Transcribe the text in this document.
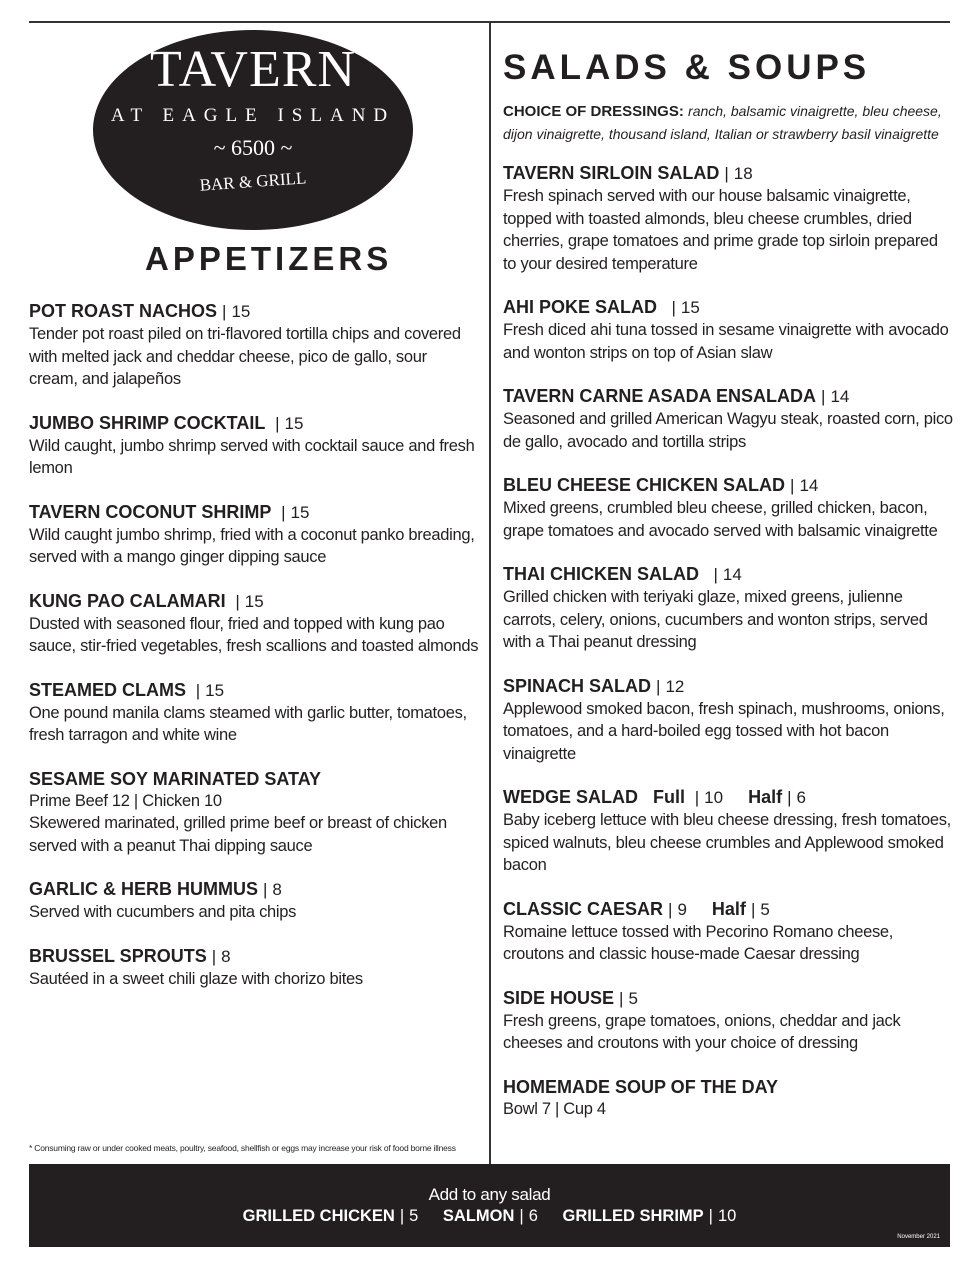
TAVERN
AT EAGLE ISLAND
~ 6500 ~
BAR & GRILL
APPETIZERS
SALADS & SOUPS
CHOICE OF DRESSINGS: ranch, balsamic vinaigrette, bleu cheese, dijon vinaigrette, thousand island, Italian or strawberry basil vinaigrette
POT ROAST NACHOS | 15
Tender pot roast piled on tri-flavored tortilla chips and covered with melted jack and cheddar cheese, pico de gallo, sour cream, and jalapeños
JUMBO SHRIMP COCKTAIL | 15
Wild caught, jumbo shrimp served with cocktail sauce and fresh lemon
TAVERN COCONUT SHRIMP | 15
Wild caught jumbo shrimp, fried with a coconut panko breading, served with a mango ginger dipping sauce
KUNG PAO CALAMARI | 15
Dusted with seasoned flour, fried and topped with kung pao sauce, stir-fried vegetables, fresh scallions and toasted almonds
STEAMED CLAMS | 15
One pound manila clams steamed with garlic butter, tomatoes, fresh tarragon and white wine
SESAME SOY MARINATED SATAY
Prime Beef 12 | Chicken 10
Skewered marinated, grilled prime beef or breast of chicken served with a peanut Thai dipping sauce
GARLIC & HERB HUMMUS | 8
Served with cucumbers and pita chips
BRUSSEL SPROUTS | 8
Sautéed in a sweet chili glaze with chorizo bites
TAVERN SIRLOIN SALAD | 18
Fresh spinach served with our house balsamic vinaigrette, topped with toasted almonds, bleu cheese crumbles, dried cherries, grape tomatoes and prime grade top sirloin prepared to your desired temperature
AHI POKE SALAD  | 15
Fresh diced ahi tuna tossed in sesame vinaigrette with avocado and wonton strips on top of Asian slaw
TAVERN CARNE ASADA ENSALADA | 14
Seasoned and grilled American Wagyu steak, roasted corn, pico de gallo, avocado and tortilla strips
BLEU CHEESE CHICKEN SALAD | 14
Mixed greens, crumbled bleu cheese, grilled chicken, bacon, grape tomatoes and avocado served with balsamic vinaigrette
THAI CHICKEN SALAD  | 14
Grilled chicken with teriyaki glaze, mixed greens, julienne carrots, celery, onions, cucumbers and wonton strips, served with a Thai peanut dressing
SPINACH SALAD | 12
Applewood smoked bacon, fresh spinach, mushrooms, onions, tomatoes, and a hard-boiled egg tossed with hot bacon vinaigrette
WEDGE SALAD Full | 10 Half | 6
Baby iceberg lettuce with bleu cheese dressing, fresh tomatoes, spiced walnuts, bleu cheese crumbles and Applewood smoked bacon
CLASSIC CAESAR | 9 Half | 5
Romaine lettuce tossed with Pecorino Romano cheese, croutons and classic house-made Caesar dressing
SIDE HOUSE | 5
Fresh greens, grape tomatoes, onions, cheddar and jack cheeses and croutons with your choice of dressing
HOMEMADE SOUP OF THE DAY
Bowl 7 | Cup 4
* Consuming raw or under cooked meats, poultry, seafood, shellfish or eggs may increase your risk of food borne illness
Add to any salad
GRILLED CHICKEN | 5 SALMON | 6 GRILLED SHRIMP | 10
November 2021
